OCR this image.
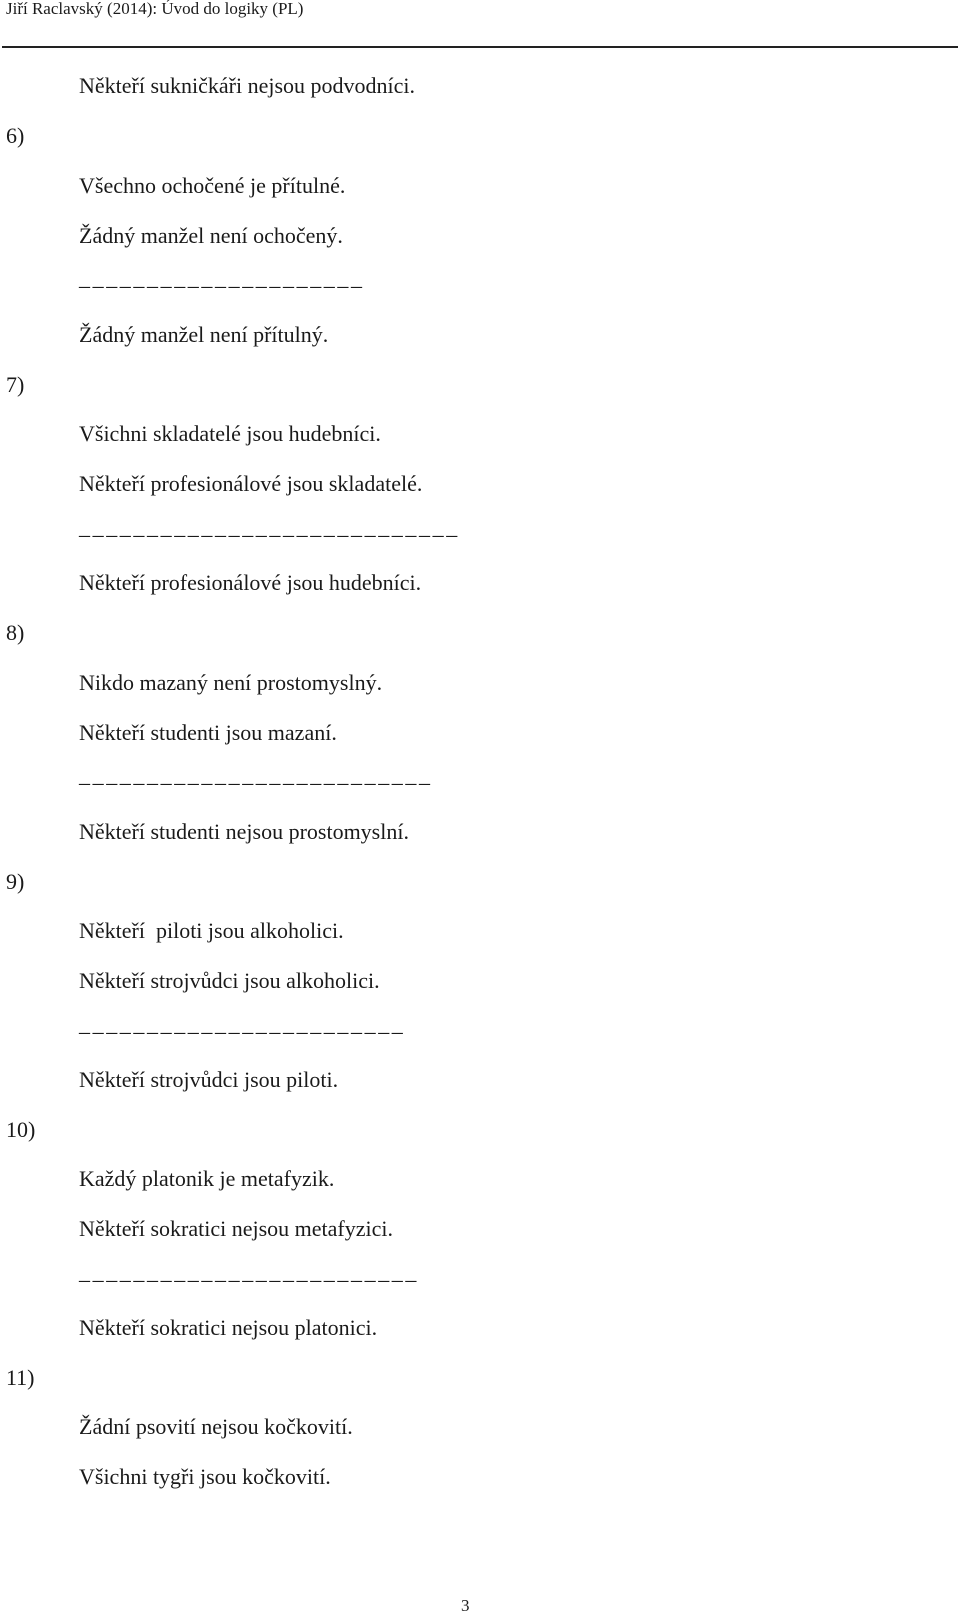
Jiří Raclavský (2014): Úvod do logiky (PL)
Někteří sukničkáři nejsou podvodníci.
6)
Všechno ochočené je přítulné.
Žádný manžel není ochočený.
_____________________
Žádný manžel není přítulný.
7)
Všichni skladatelé jsou hudebníci.
Někteří profesionálové jsou skladatelé.
____________________________
Někteří profesionálové jsou hudebníci.
8)
Nikdo mazaný není prostomyslný.
Někteří studenti jsou mazaní.
__________________________
Někteří studenti nejsou prostomyslní.
9)
Někteří  piloti jsou alkoholici.
Někteří strojvůdci jsou alkoholici.
________________________
Někteří strojvůdci jsou piloti.
10)
Každý platonik je metafyzik.
Někteří sokratici nejsou metafyzici.
_________________________
Někteří sokratici nejsou platonici.
11)
Žádní psovití nejsou kočkovití.
Všichni tygři jsou kočkovití.
3
